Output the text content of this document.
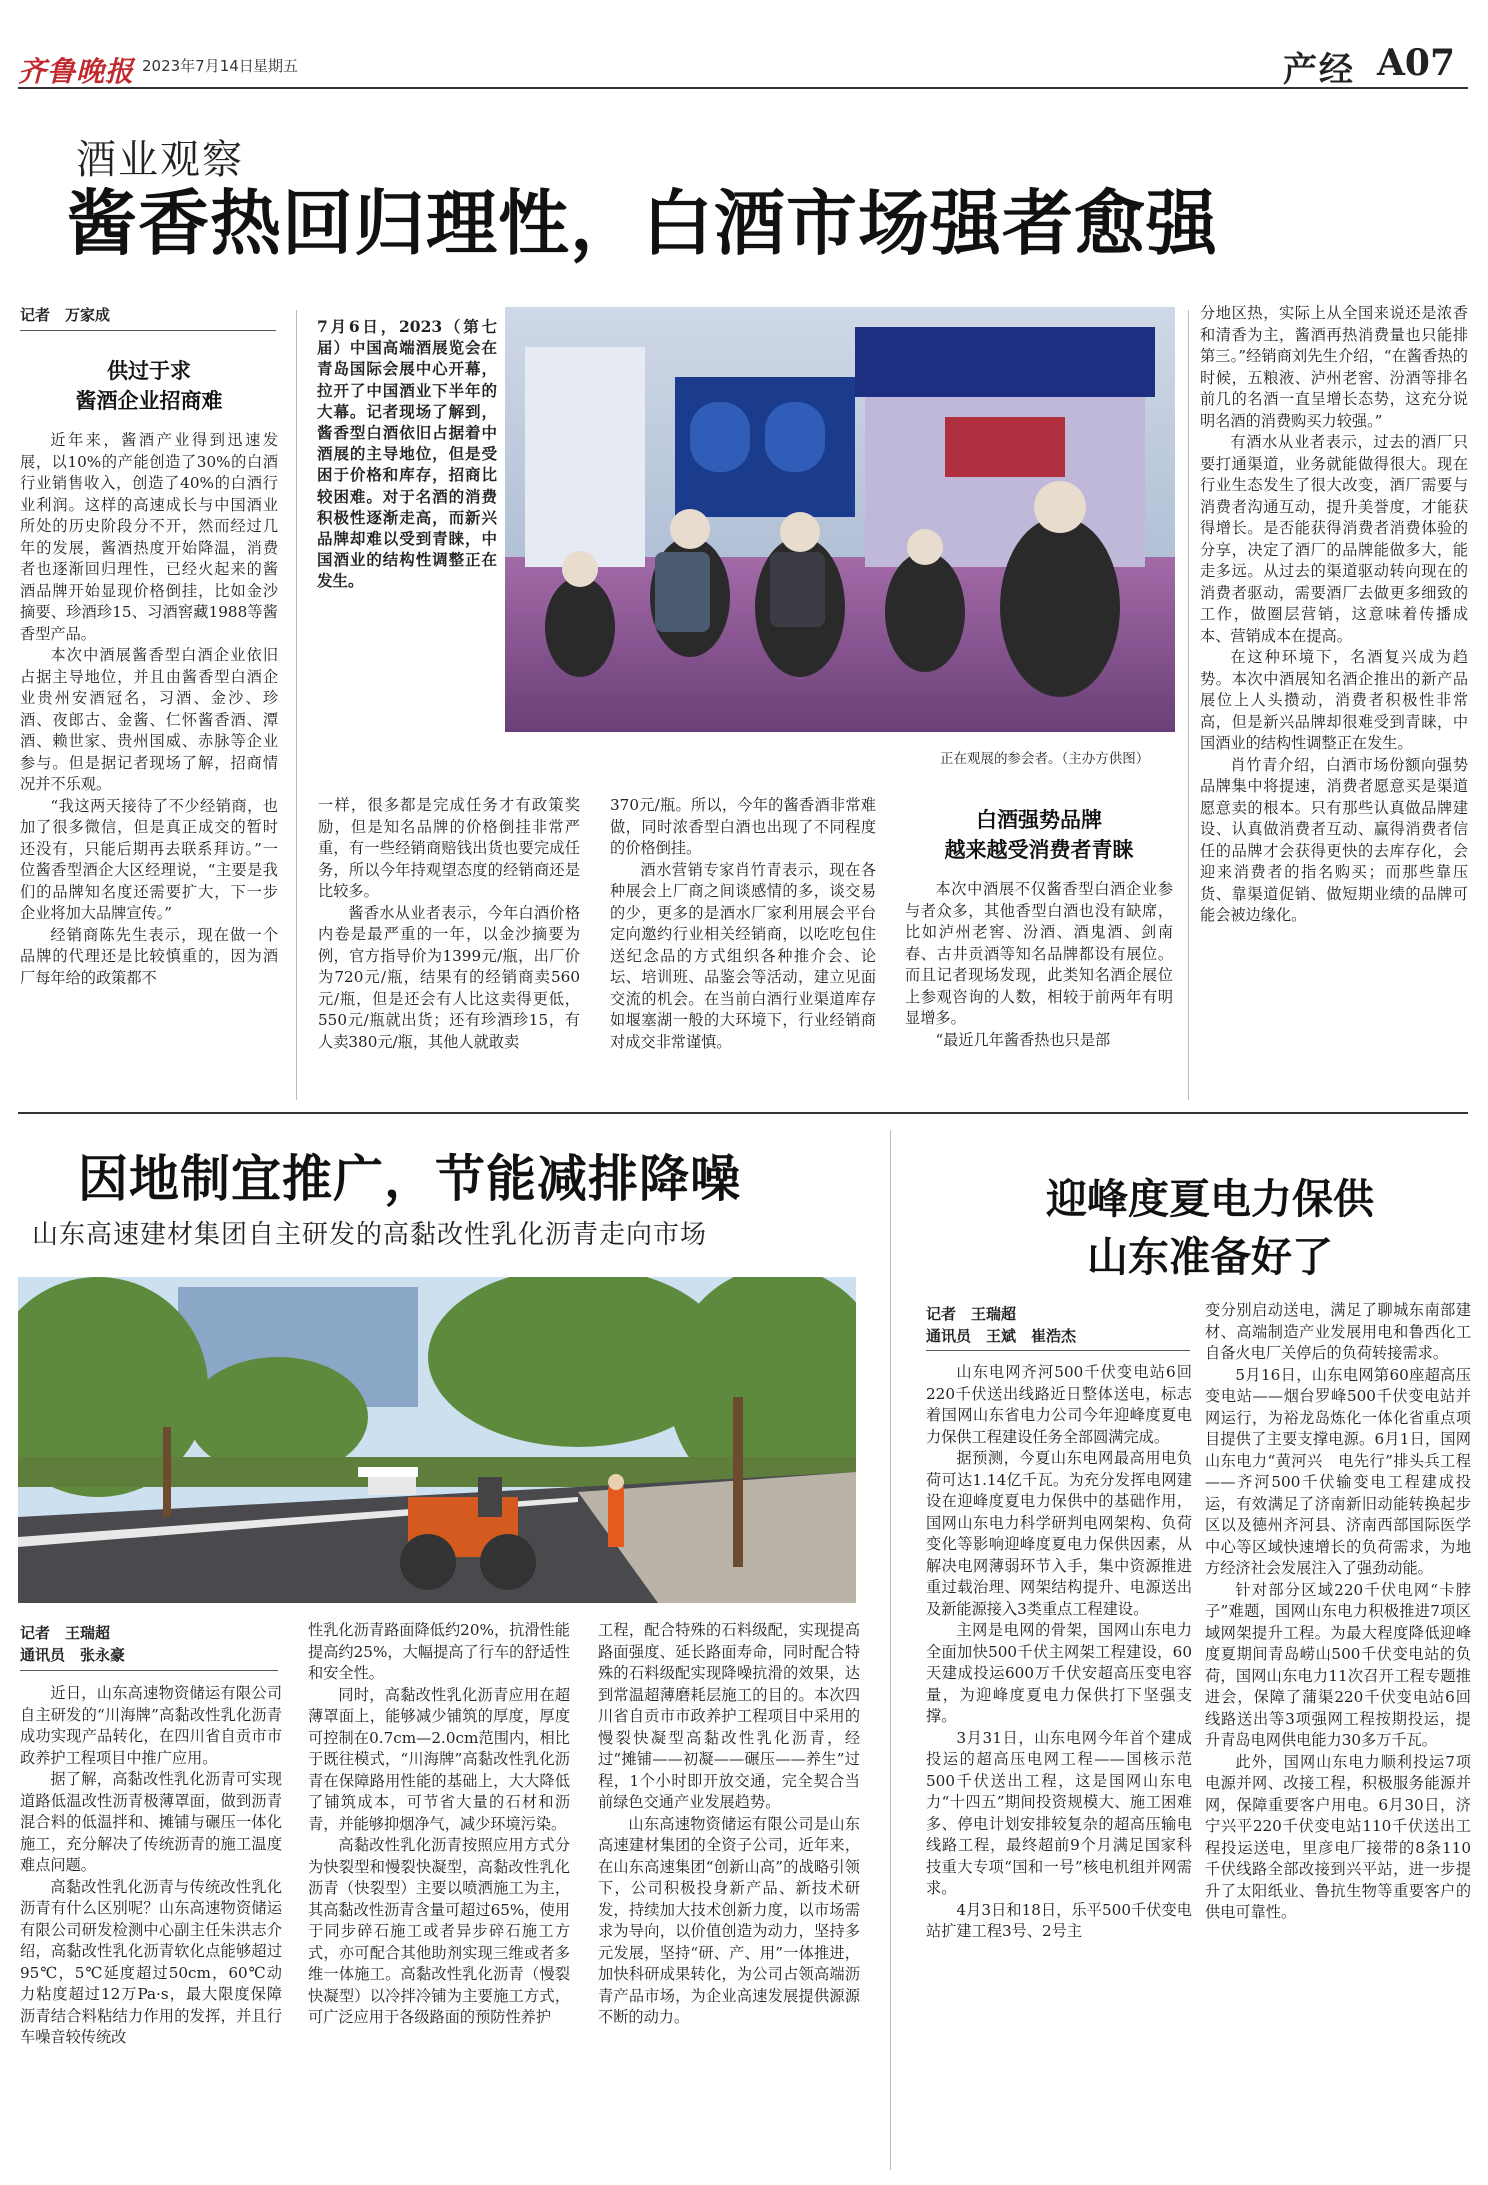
齐鲁晚报 2023年7月14日 星期五	产经 A07
酒业观察
酱香热回归理性，白酒市场强者愈强
记者　 万家成
供过于求
酱酒企业招商难

近年来，酱酒产业得到迅速发展，以10%的产能创造了30%的白酒行业销售收入，创造了40%的白酒行业利润。这样的高速成长与中国酒业所处的历史阶段分不开，然而经过几年的发展，酱酒热度开始降温，消费者也逐渐回归理性，已经火起来的酱酒品牌开始显现价格倒挂，比如金沙摘要、珍酒珍15、习酒窖藏1988等酱香型产品。

本次中酒展酱香型白酒企业依旧占据主导地位，并且由酱香型白酒企业贵州安酒冠名，习酒、金沙、珍酒、夜郎古、金酱、仁怀酱香酒、潭酒、赖世家、贵州国威、赤脉等企业参与。但是据记者现场了解，招商情况并不乐观。

“我这两天接待了不少经销商，也加了很多微信，但是真正成交的暂时还没有，只能后期再去联系拜访。”一位酱香型酒企大区经理说，“主要是我们的品牌知名度还需要扩大，下一步企业将加大品牌宣传。”

经销商陈先生表示，现在做一个品牌的代理还是比较慎重的，因为酒厂每年给的政策都不

7月6日，2023（第七届）中国高端酒展览会在青岛国际会展中心开幕，拉开了中国酒业下半年的大幕。记者现场了解到，酱香型白酒依旧占据着中酒展的主导地位，但是受困于价格和库存，招商比较困难。对于名酒的消费积极性逐渐走高，而新兴品牌却难以受到青睐，中国酒业的结构性调整正在发生。
正在观展的参会者。（主办方供图）

一样，很多都是完成任务才有政策奖励，但是知名品牌的价格倒挂非常严重，有一些经销商赔钱出货也要完成任务，所以今年持观望态度的经销商还是比较多。

酱香水从业者表示，今年白酒价格内卷是最严重的一年，以金沙摘要为例，官方指导价为1399元/瓶，出厂价为720元/瓶，结果有的经销商卖560元/瓶，但是还会有人比这卖得更低，550元/瓶就出货；还有珍酒珍15，有人卖380元/瓶，其他人就敢卖

370元/瓶。所以，今年的酱香酒非常难做，同时浓香型白酒也出现了不同程度的价格倒挂。

酒水营销专家肖竹青表示，现在各种展会上厂商之间谈感情的多，谈交易的少，更多的是酒水厂家利用展会平台定向邀约行业相关经销商，以吃吃包住送纪念品的方式组织各种推介会、论坛、培训班、品鉴会等活动，建立见面交流的机会。在当前白酒行业渠道库存如堰塞湖一般的大环境下，行业经销商对成交非常谨慎。

白酒强势品牌
越来越受消费者青睐

本次中酒展不仅酱香型白酒企业参与者众多，其他香型白酒也没有缺席，比如泸州老窖、汾酒、酒鬼酒、剑南春、古井贡酒等知名品牌都设有展位。而且记者现场发现，此类知名酒企展位上参观咨询的人数，相较于前两年有明显增多。

“最近几年酱香热也只是部

分地区热，实际上从全国来说还是浓香和清香为主，酱酒再热消费量也只能排第三。”经销商刘先生介绍，“在酱香热的时候，五粮液、泸州老窖、汾酒等排名前几的名酒一直呈增长态势，这充分说明名酒的消费购买力较强。”

有酒水从业者表示，过去的酒厂只要打通渠道，业务就能做得很大。现在行业生态发生了很大改变，酒厂需要与消费者沟通互动，提升美誉度，才能获得增长。是否能获得消费者消费体验的分享，决定了酒厂的品牌能做多大，能走多远。从过去的渠道驱动转向现在的消费者驱动，需要酒厂去做更多细致的工作，做圈层营销，这意味着传播成本、营销成本在提高。

在这种环境下，名酒复兴成为趋势。本次中酒展知名酒企推出的新产品展位上人头攒动，消费者积极性非常高，但是新兴品牌却很难受到青睐，中国酒业的结构性调整正在发生。

肖竹青介绍，白酒市场份额向强势品牌集中将提速，消费者愿意买是渠道愿意卖的根本。只有那些认真做品牌建设、认真做消费者互动、赢得消费者信任的品牌才会获得更快的去库存化，会迎来消费者的指名购买；而那些靠压货、靠渠道促销、做短期业绩的品牌可能会被边缘化。

因地制宜推广，节能减排降噪
山东高速建材集团自主研发的高黏改性乳化沥青走向市场
记者　 王瑞超
通讯员　 张永豪

近日，山东高速物资储运有限公司自主研发的“川海牌”高黏改性乳化沥青成功实现产品转化，在四川省自贡市市政养护工程项目中推广应用。

据了解，高黏改性乳化沥青可实现道路低温改性沥青极薄罩面，做到沥青混合料的低温拌和、摊铺与碾压一体化施工，充分解决了传统沥青的施工温度难点问题。

高黏改性乳化沥青与传统改性乳化沥青有什么区别呢？山东高速物资储运有限公司研发检测中心副主任朱洪志介绍，高黏改性乳化沥青软化点能够超过95℃，5℃延度超过50cm，60℃动力粘度超过12万Pa·s，最大限度保障沥青结合料粘结力作用的发挥，并且行车噪音较传统改

性乳化沥青路面降低约20%，抗滑性能提高约25%，大幅提高了行车的舒适性和安全性。

同时，高黏改性乳化沥青应用在超薄罩面上，能够减少铺筑的厚度，厚度可控制在0.7cm—2.0cm范围内，相比于既往模式，“川海牌”高黏改性乳化沥青在保障路用性能的基础上，大大降低了铺筑成本，可节省大量的石材和沥青，并能够抑烟净气，减少环境污染。

高黏改性乳化沥青按照应用方式分为快裂型和慢裂快凝型，高黏改性乳化沥青（快裂型）主要以喷洒施工为主，其高黏改性沥青含量可超过65%，使用于同步碎石施工或者异步碎石施工方式，亦可配合其他助剂实现三维或者多维一体施工。高黏改性乳化沥青（慢裂快凝型）以冷拌冷铺为主要施工方式，可广泛应用于各级路面的预防性养护

工程，配合特殊的石料级配，实现提高路面强度、延长路面寿命，同时配合特殊的石料级配实现降噪抗滑的效果，达到常温超薄磨耗层施工的目的。本次四川省自贡市市政养护工程项目中采用的慢裂快凝型高黏改性乳化沥青，经过“摊铺——初凝——碾压——养生”过程，1个小时即开放交通，完全契合当前绿色交通产业发展趋势。

山东高速物资储运有限公司是山东高速建材集团的全资子公司，近年来，在山东高速集团“创新山高”的战略引领下，公司积极投身新产品、新技术研发，持续加大技术创新力度，以市场需求为导向，以价值创造为动力，坚持多元发展，坚持“研、产、用”一体推进，加快科研成果转化，为公司占领高端沥青产品市场，为企业高速发展提供源源不断的动力。

迎峰度夏电力保供
山东准备好了
记者　 王瑞超
通讯员　 王斌　崔浩杰

山东电网齐河500千伏变电站6回220千伏送出线路近日整体送电，标志着国网山东省电力公司今年迎峰度夏电力保供工程建设任务全部圆满完成。

据预测，今夏山东电网最高用电负荷可达1.14亿千瓦。为充分发挥电网建设在迎峰度夏电力保供中的基础作用，国网山东电力科学研判电网架构、负荷变化等影响迎峰度夏电力保供因素，从解决电网薄弱环节入手，集中资源推进重过载治理、网架结构提升、电源送出及新能源接入3类重点工程建设。

主网是电网的骨架，国网山东电力全面加快500千伏主网架工程建设，60天建成投运600万千伏安超高压变电容量，为迎峰度夏电力保供打下坚强支撑。

3月31日，山东电网今年首个建成投运的超高压电网工程——国核示范500千伏送出工程，这是国网山东电力“十四五”期间投资规模大、施工困难多、停电计划安排较复杂的超高压输电线路工程，最终超前9个月满足国家科技重大专项“国和一号”核电机组并网需求。

4月3日和18日，乐平500千伏变电站扩建工程3号、2号主

变分别启动送电，满足了聊城东南部建材、高端制造产业发展用电和鲁西化工自备火电厂关停后的负荷转接需求。

5月16日，山东电网第60座超高压变电站——烟台罗峰500千伏变电站并网运行，为裕龙岛炼化一体化省重点项目提供了主要支撑电源。6月1日，国网山东电力“黄河兴　电先行”排头兵工程——齐河500千伏输变电工程建成投运，有效满足了济南新旧动能转换起步区以及德州齐河县、济南西部国际医学中心等区域快速增长的负荷需求，为地方经济社会发展注入了强劲动能。

针对部分区域220千伏电网“卡脖子”难题，国网山东电力积极推进7项区域网架提升工程。为最大程度降低迎峰度夏期间青岛崂山500千伏变电站的负荷，国网山东电力11次召开工程专题推进会，保障了蒲渠220千伏变电站6回线路送出等3项强网工程按期投运，提升青岛电网供电能力30多万千瓦。

此外，国网山东电力顺利投运7项电源并网、改接工程，积极服务能源并网，保障重要客户用电。6月30日，济宁兴平220千伏变电站110千伏送出工程投运送电，里彦电厂接带的8条110千伏线路全部改接到兴平站，进一步提升了太阳纸业、鲁抗生物等重要客户的供电可靠性。
